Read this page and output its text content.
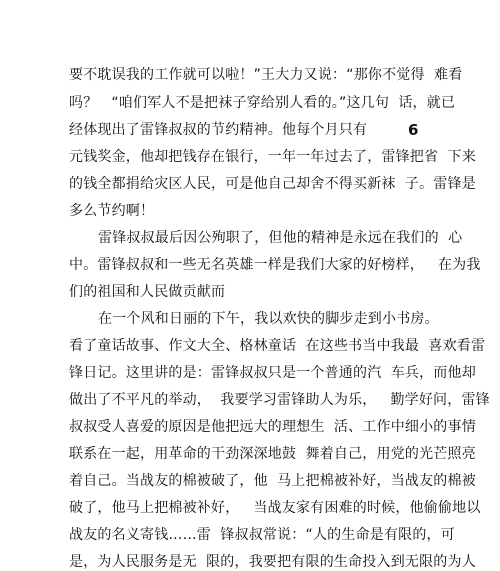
要不耽误我的工作就可以啦！”王大力又说：“那你不觉得  难看
吗？   “咱们军人不是把袜子穿给别人看的。”这几句  话，就已
经体现出了雷锋叔叔的节约精神。他每个月只有	6
元钱奖金，他却把钱存在银行，一年一年过去了，雷锋把省  下来
的钱全都捐给灾区人民，可是他自己却舍不得买新袜  子。雷锋是
多么节约啊！
雷锋叔叔最后因公殉职了，但他的精神是永远在我们的  心
中。雷锋叔叔和一些无名英雄一样是我们大家的好榜样，   在为我
们的祖国和人民做贡献而
在一个风和日丽的下午，我以欢快的脚步走到小书房。
看了童话故事、作文大全、格林童话  在这些书当中我最  喜欢看雷
锋日记。这里讲的是：雷锋叔叔只是一个普通的汽  车兵，而他却
做出了不平凡的举动，  我要学习雷锋助人为乐，   勤学好问，雷锋
叔叔受人喜爱的原因是他把远大的理想生  活、工作中细小的事情
联系在一起，用革命的干劲深深地鼓  舞着自己，用党的光芒照亮
着自己。当战友的棉被破了，他  马上把棉被补好，当战友的棉被
破了，他马上把棉被补好，   当战友家有困难的时候，他偷偷地以
战友的名义寄钱……雷  锋叔叔常说：“人的生命是有限的，可
是，为人民服务是无  限的，我要把有限的生命投入到无限的为人
